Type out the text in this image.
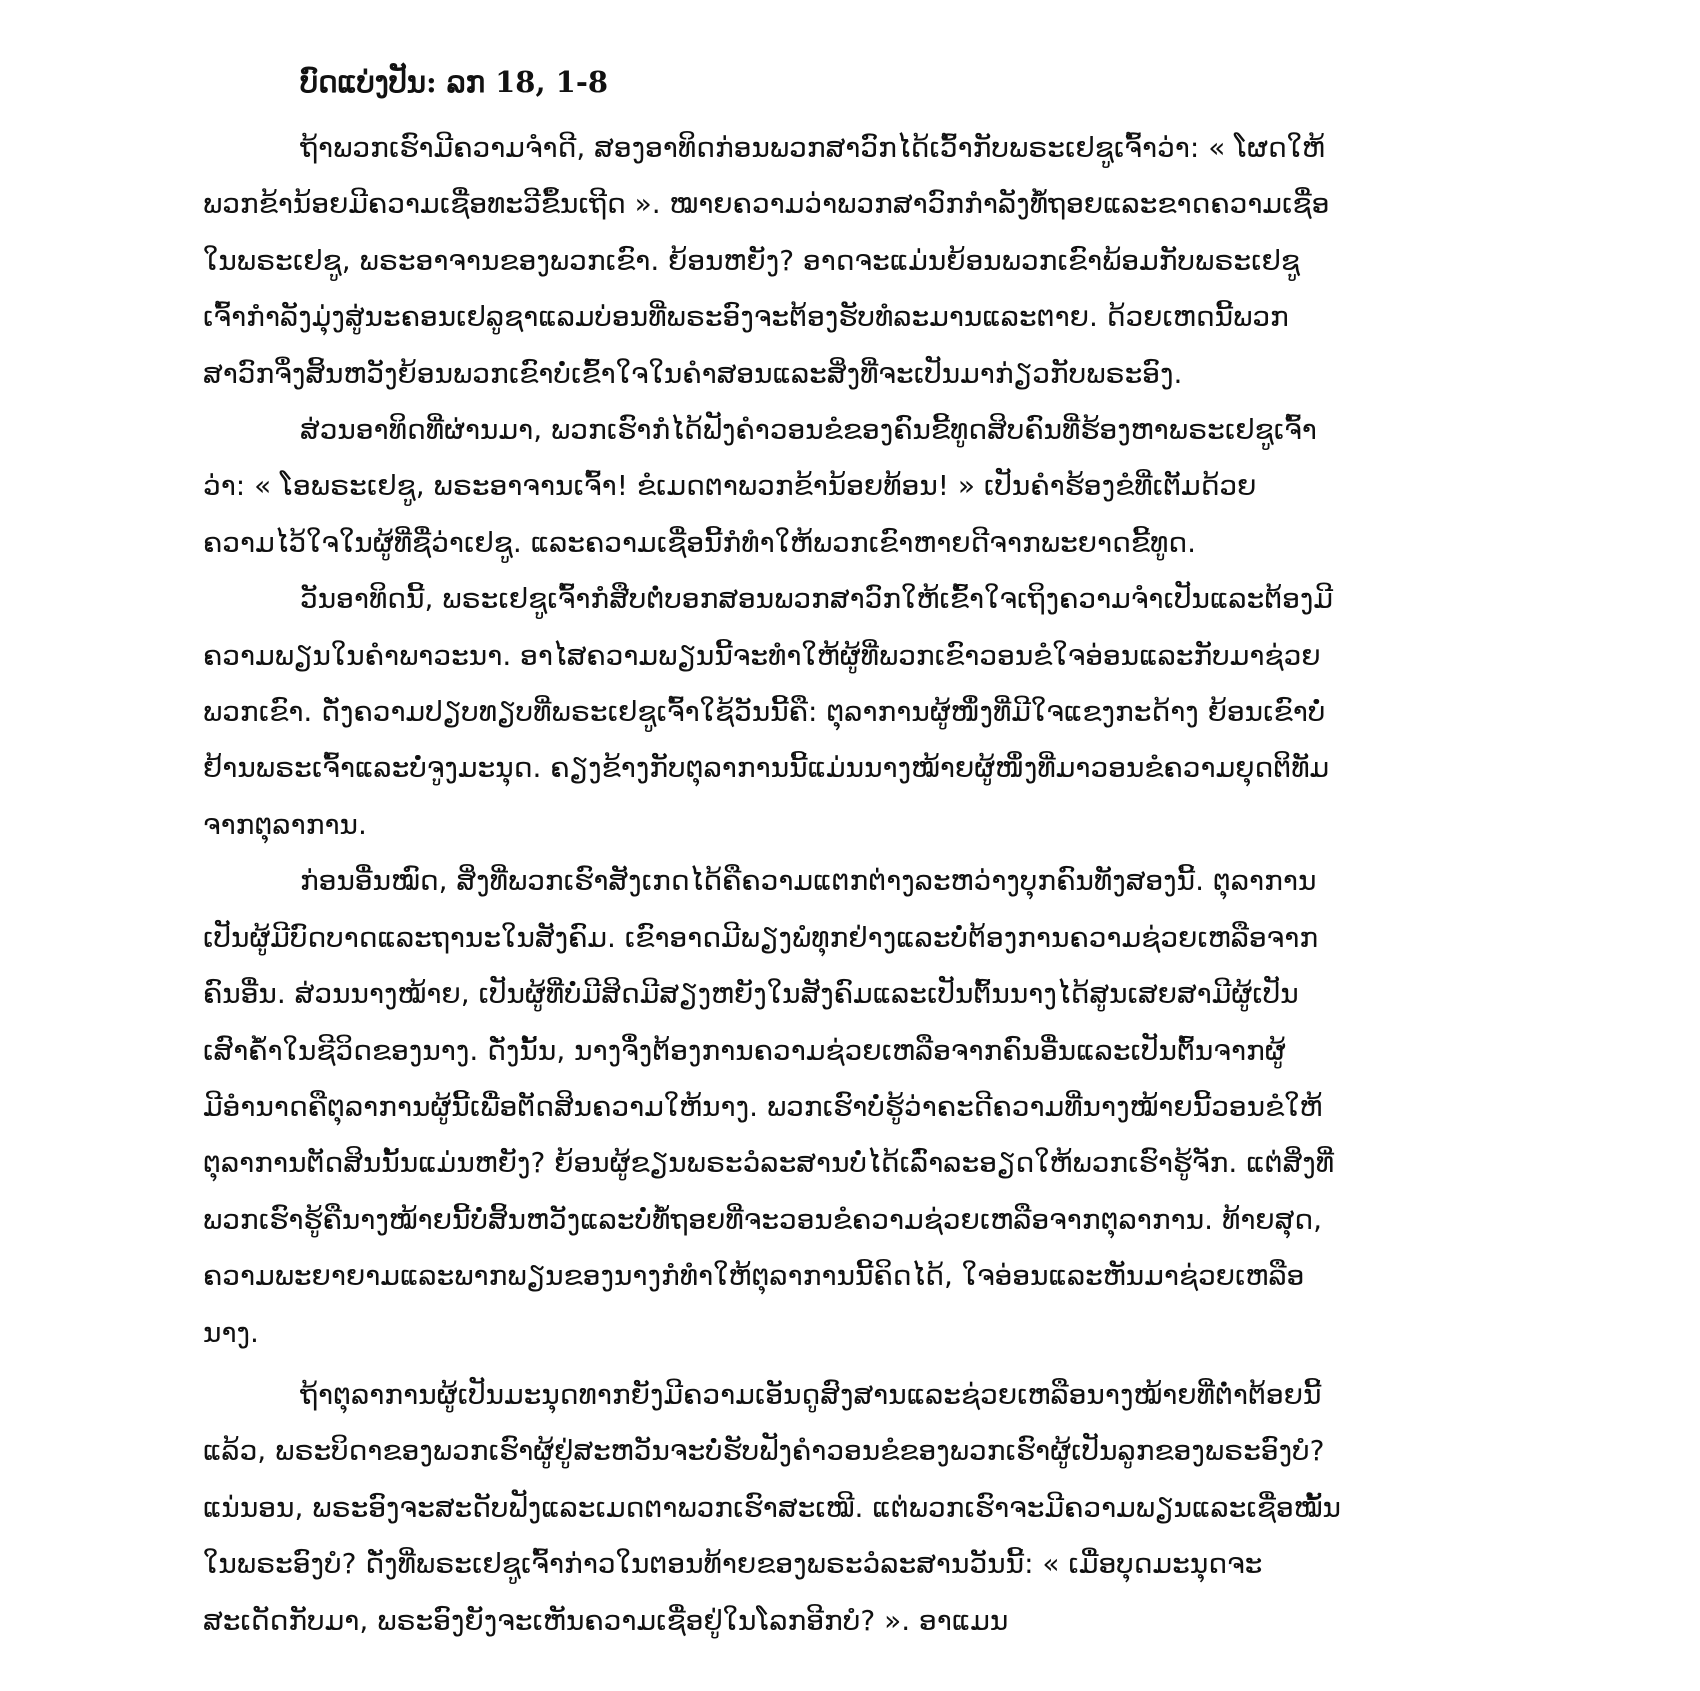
ບົດແບ່ງປັນ: ລກ 18, 1-8

ຖ້າພວກເຮົາມີຄວາມຈຳດີ, ສອງອາທິດກ່ອນພວກສາວົກໄດ້ເວົ້າກັບພຣະເຢຊູເຈົ້າວ່າ: « ໂຜດໃຫ້
ພວກຂ້ານ້ອຍມີຄວາມເຊື່ອທະວີຂຶ້ນເຖີດ ». ໝາຍຄວາມວ່າພວກສາວົກກຳລັງທໍ້ຖອຍແລະຂາດຄວາມເຊື່ອ
ໃນພຣະເຢຊູ, ພຣະອາຈານຂອງພວກເຂົາ. ຍ້ອນຫຍັງ? ອາດຈະແມ່ນຍ້ອນພວກເຂົາພ້ອມກັບພຣະເຢຊູ
ເຈົ້າກຳລັງມຸ່ງສູ່ນະຄອນເຢລູຊາແລມບ່ອນທີ່ພຣະອົງຈະຕ້ອງຮັບທໍລະມານແລະຕາຍ. ດ້ວຍເຫດນີ້ພວກ
ສາວົກຈຶ່ງສິ້ນຫວັງຍ້ອນພວກເຂົາບໍ່ເຂົ້າໃຈໃນຄຳສອນແລະສິ່ງທີ່ຈະເປັນມາກ່ຽວກັບພຣະອົງ.

ສ່ວນອາທິດທີ່ຜ່ານມາ, ພວກເຮົາກໍໄດ້ຟັງຄຳວອນຂໍຂອງຄົນຂີ້ທູດສິບຄົນທີ່ຮ້ອງຫາພຣະເຢຊູເຈົ້າ
ວ່າ: « ໂອພຣະເຢຊູ, ພຣະອາຈານເຈົ້າ! ຂໍເມດຕາພວກຂ້ານ້ອຍທ້ອນ! » ເປັນຄຳຮ້ອງຂໍທີ່ເຕັມດ້ວຍ
ຄວາມໄວ້ໃຈໃນຜູ້ທີ່ຊື່ວ່າເຢຊູ. ແລະຄວາມເຊື່ອນີ້ກໍທຳໃຫ້ພວກເຂົາຫາຍດີຈາກພະຍາດຂີ້ທູດ.

ວັນອາທິດນີ້, ພຣະເຢຊູເຈົ້າກໍສືບຕໍ່ບອກສອນພວກສາວົກໃຫ້ເຂົ້າໃຈເຖິງຄວາມຈຳເປັນແລະຕ້ອງມີ
ຄວາມພຽນໃນຄຳພາວະນາ. ອາໄສຄວາມພຽນນີ້ຈະທຳໃຫ້ຜູ້ທີ່ພວກເຂົາວອນຂໍໃຈອ່ອນແລະກັບມາຊ່ວຍ
ພວກເຂົາ. ດັ່ງຄວາມປຽບທຽບທີ່ພຣະເຢຊູເຈົ້າໃຊ້ວັນນີ້ຄື: ຕຸລາການຜູ້ໜຶ່ງທີ່ມີໃຈແຂງກະດ້າງ ຍ້ອນເຂົາບໍ່
ຢ້ານພຣະເຈົ້າແລະບໍ່ຈູງມະນຸດ. ຄຽງຂ້າງກັບຕຸລາການນີ້ແມ່ນນາງໝ້າຍຜູ້ໜຶ່ງທີ່ມາວອນຂໍຄວາມຍຸດຕິທັມ
ຈາກຕຸລາການ.

ກ່ອນອື່ນໝົດ, ສິ່ງທີ່ພວກເຮົາສັງເກດໄດ້ຄືຄວາມແຕກຕ່າງລະຫວ່າງບຸກຄົນທັງສອງນີ້. ຕຸລາການ
ເປັນຜູ້ມີບົດບາດແລະຖານະໃນສັງຄົມ. ເຂົາອາດມີພຽງພໍທຸກຢ່າງແລະບໍ່ຕ້ອງການຄວາມຊ່ວຍເຫລືອຈາກ
ຄົນອື່ນ. ສ່ວນນາງໝ້າຍ, ເປັນຜູ້ທີ່ບໍ່ມີສິດມີສຽງຫຍັງໃນສັງຄົມແລະເປັນຕົ້ນນາງໄດ້ສູນເສຍສາມີຜູ້ເປັນ
ເສົາຄໍ້າໃນຊີວິດຂອງນາງ. ດັ່ງນັ້ນ, ນາງຈຶ່ງຕ້ອງການຄວາມຊ່ວຍເຫລືອຈາກຄົນອື່ນແລະເປັນຕົ້ນຈາກຜູ້
ມີອຳນາດຄືຕຸລາການຜູ້ນີ້ເພື່ອຕັດສິນຄວາມໃຫ້ນາງ. ພວກເຮົາບໍ່ຮູ້ວ່າຄະດີຄວາມທີ່ນາງໝ້າຍນີ້ວອນຂໍໃຫ້
ຕຸລາການຕັດສິນນັ້ນແມ່ນຫຍັງ? ຍ້ອນຜູ້ຂຽນພຣະວໍລະສານບໍ່ໄດ້ເລົ່າລະອຽດໃຫ້ພວກເຮົາຮູ້ຈັກ. ແຕ່ສິ່ງທີ່
ພວກເຮົາຮູ້ຄືນາງໝ້າຍນີ້ບໍ່ສິ້ນຫວັງແລະບໍ່ທໍ້ຖອຍທີ່ຈະວອນຂໍຄວາມຊ່ວຍເຫລືອຈາກຕຸລາການ. ທ້າຍສຸດ,
ຄວາມພະຍາຍາມແລະພາກພຽນຂອງນາງກໍທຳໃຫ້ຕຸລາການນີ້ຄິດໄດ້, ໃຈອ່ອນແລະຫັນມາຊ່ວຍເຫລືອ
ນາງ.

ຖ້າຕຸລາການຜູ້ເປັນມະນຸດທາກຍັງມີຄວາມເອັນດູສົງສານແລະຊ່ວຍເຫລືອນາງໝ້າຍທີ່ຕໍ່າຕ້ອຍນີ້
ແລ້ວ, ພຣະບິດາຂອງພວກເຮົາຜູ້ຢູ່ສະຫວັນຈະບໍ່ຮັບຟັງຄຳວອນຂໍຂອງພວກເຮົາຜູ້ເປັນລູກຂອງພຣະອົງບໍ?
ແນ່ນອນ, ພຣະອົງຈະສະດັບຟັງແລະເມດຕາພວກເຮົາສະເໝີ. ແຕ່ພວກເຮົາຈະມີຄວາມພຽນແລະເຊື່ອໝັ້ນ
ໃນພຣະອົງບໍ? ດັ່ງທີ່ພຣະເຢຊູເຈົ້າກ່າວໃນຕອນທ້າຍຂອງພຣະວໍລະສານວັນນີ້: « ເມື່ອບຸດມະນຸດຈະ
ສະເດັດກັບມາ, ພຣະອົງຍັງຈະເຫັນຄວາມເຊື່ອຢູ່ໃນໂລກອີກບໍ? ». ອາແມນ
